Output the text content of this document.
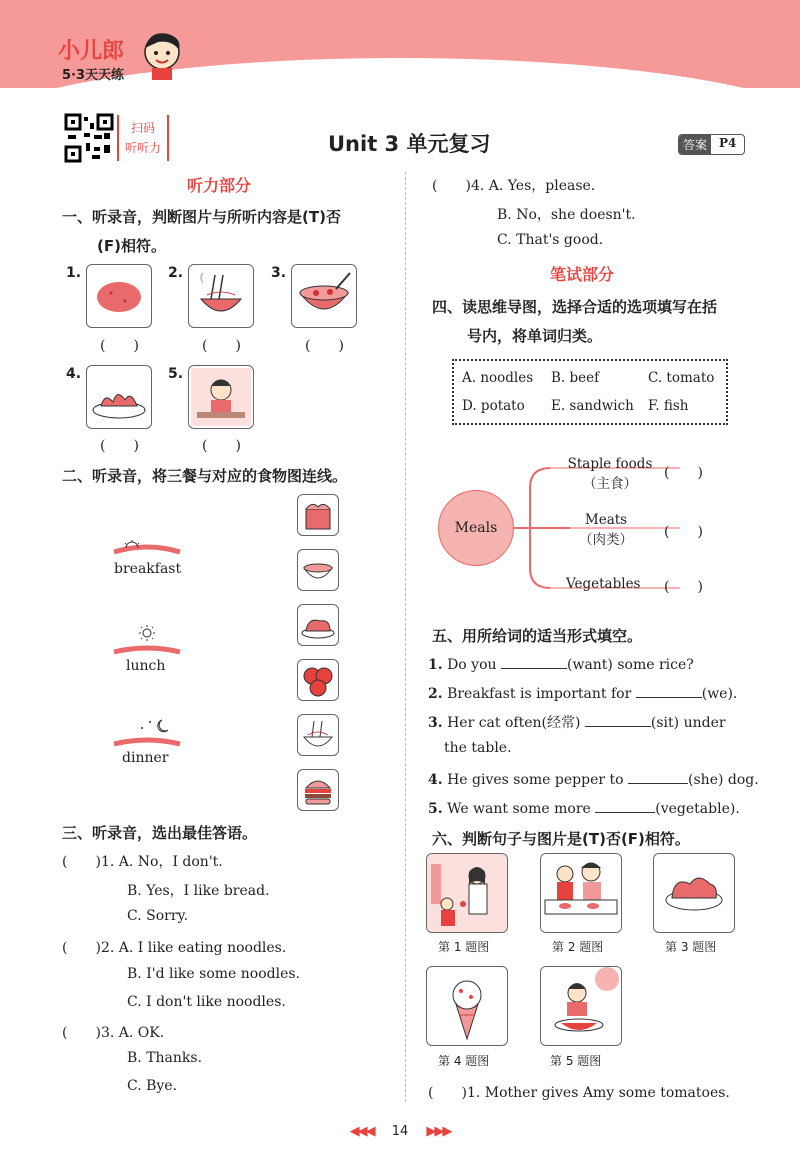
小儿郎
5·3天天练
扫码
听听力	Unit 3 单元复习	答案	P4
听力部分
一、听录音，判断图片与所听内容是(T)否
(F)相符。
1.
(　　)
2.
(　　)
3.
(　　)
4.
(　　)
5.
(　　)
二、听录音，将三餐与对应的食物图连线。
breakfast
lunch
dinner
三、听录音，选出最佳答语。
(　　)1. A. No，I don't.
B. Yes，I like bread.
C. Sorry.
(　　)2. A. I like eating noodles.
B. I'd like some noodles.
C. I don't like noodles.
(　　)3. A. OK.
B. Thanks.
C. Bye.
(　　)4. A. Yes，please.
B. No，she doesn't.
C. That's good.
笔试部分
四、读思维导图，选择合适的选项填写在括
号内，将单词归类。
A. noodles B. beef	C. tomato
D. potato E. sandwich F. fish
Meals
Staple foods
（主食）
Meats
（肉类）
Vegetables
(　　)
(　　)
(　　)
五、用所给词的适当形式填空。
1. Do you	(want) some rice?
2. Breakfast is important for	(we).
3. Her cat often(经常)	(sit) under
the table.
4. He gives some pepper to	(she) dog.
5. We want some more	(vegetable).
六、判断句子与图片是(T)否(F)相符。
第 1 题图	第 2 题图	第 3 题图
第 4 题图	第 5 题图
(　　)1. Mother gives Amy some tomatoes.
◀◀◀ 14 ▶▶▶
